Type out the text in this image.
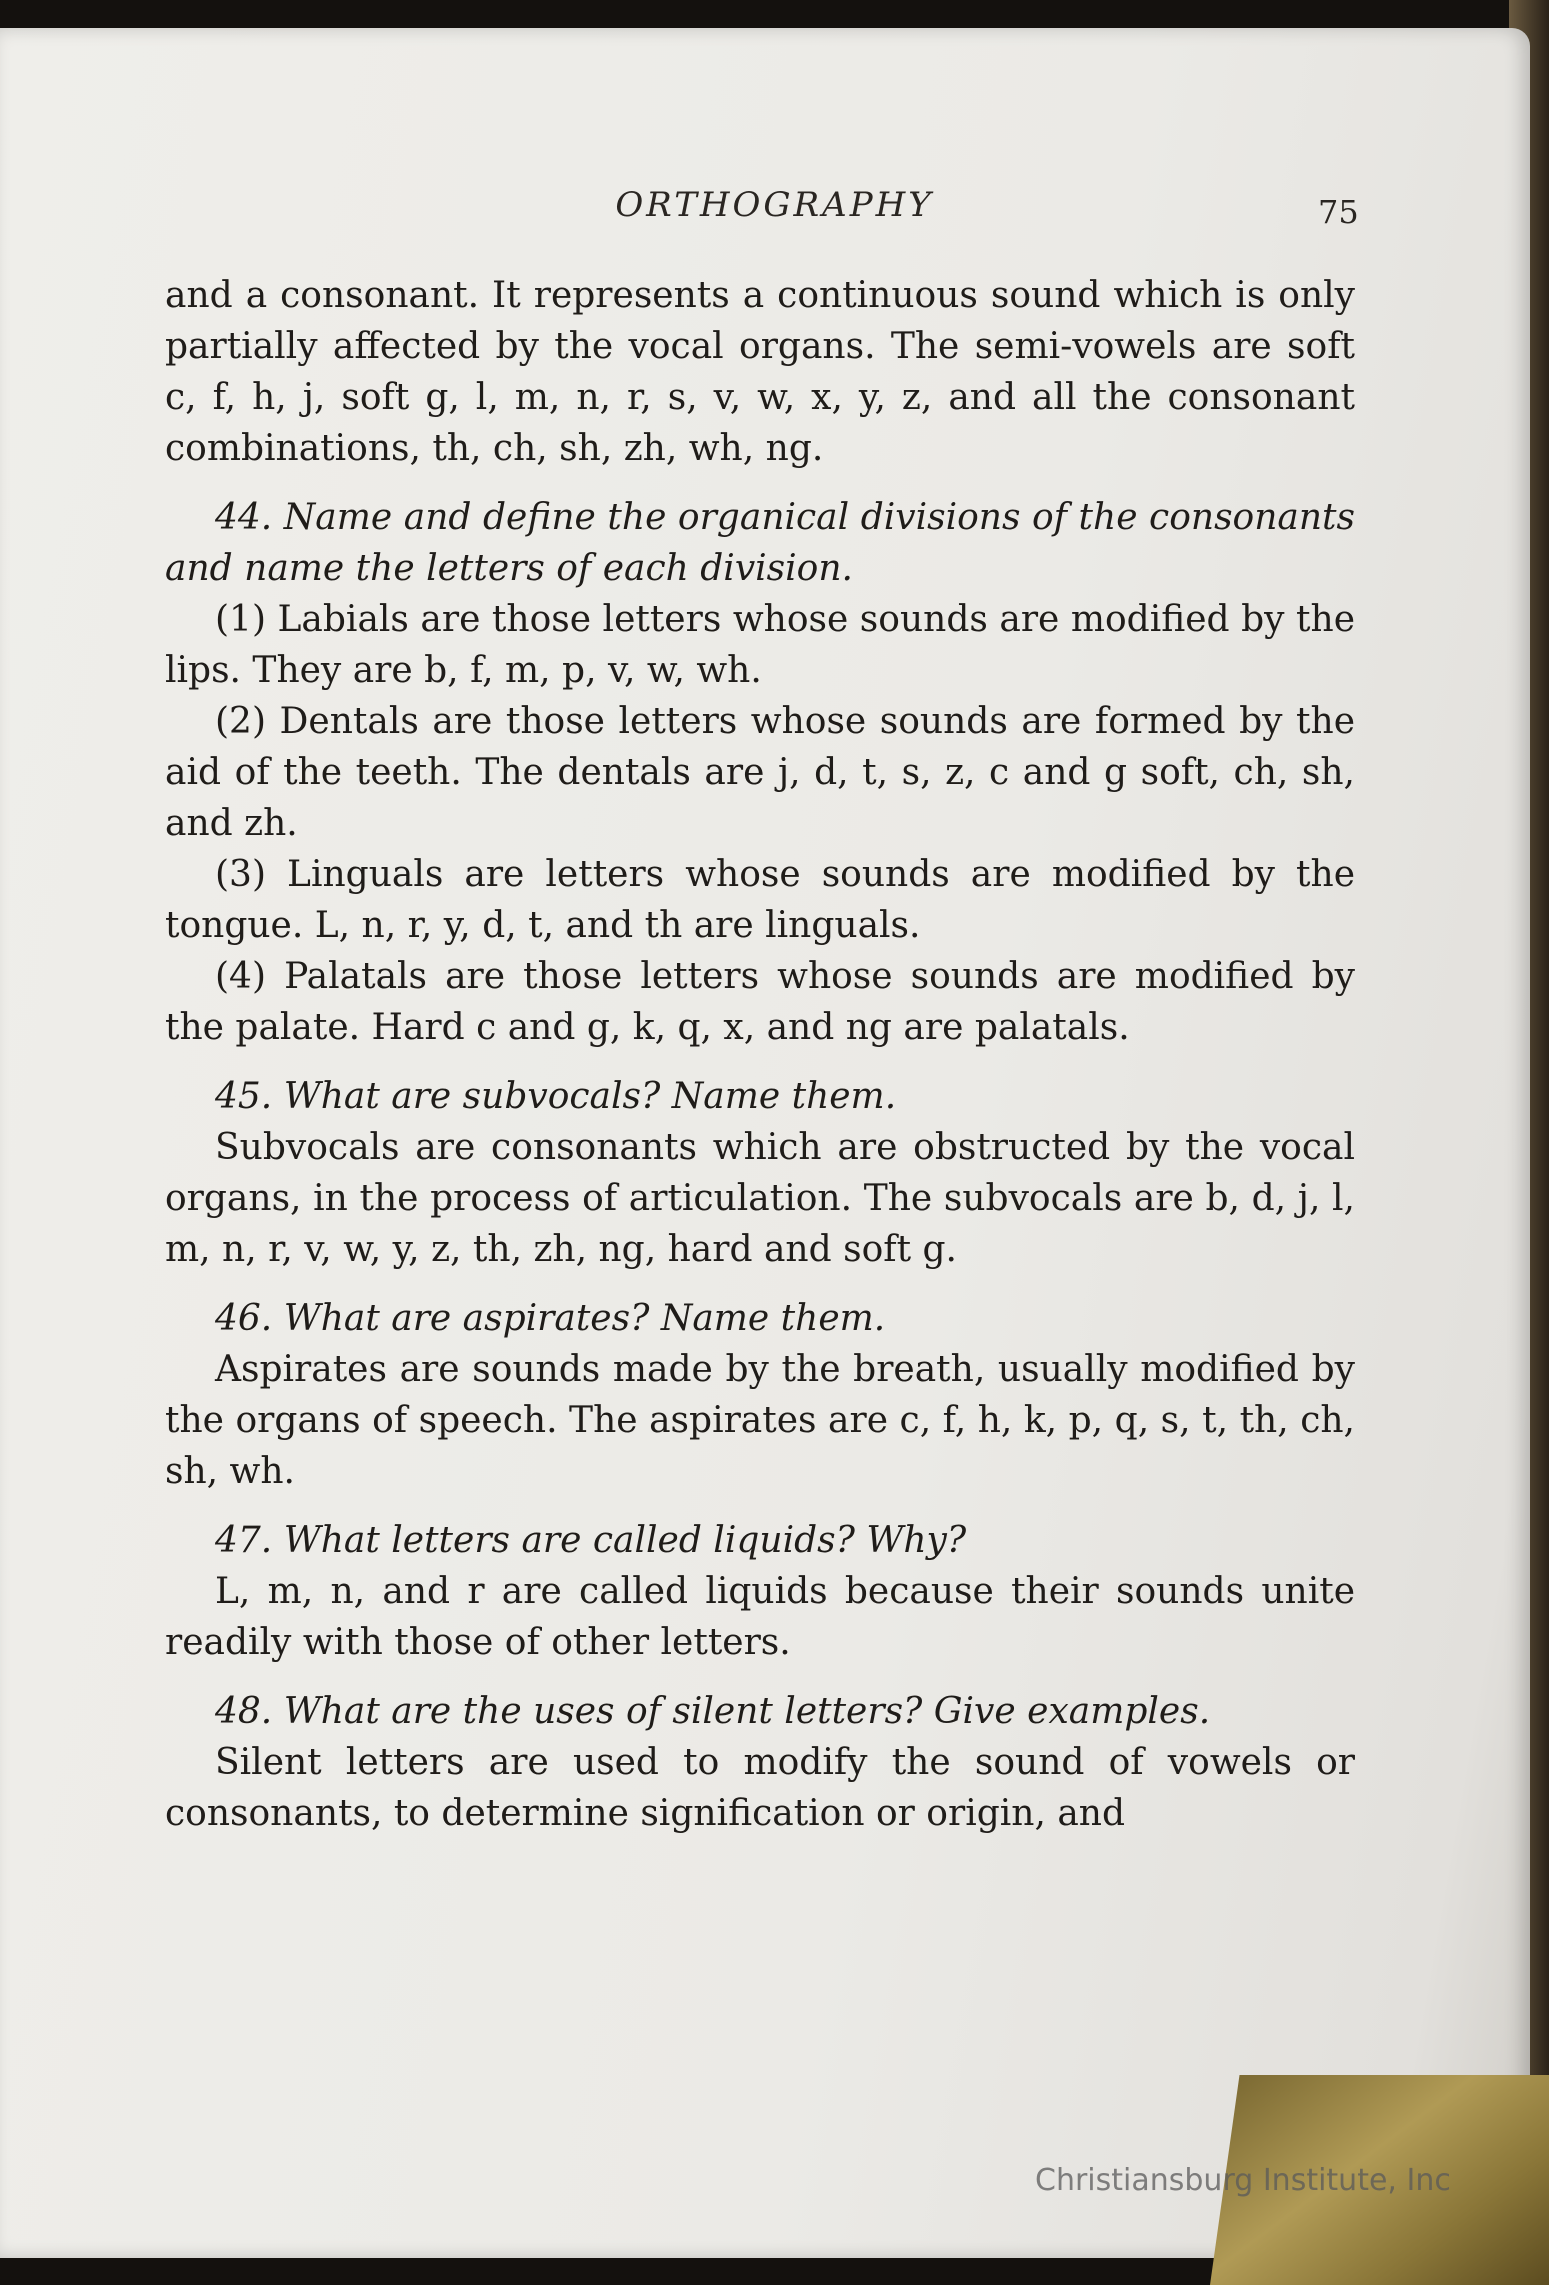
ORTHOGRAPHY	75

and a consonant. It represents a continuous sound which is only partially affected by the vocal organs. The semi-vowels are soft c, f, h, j, soft g, l, m, n, r, s, v, w, x, y, z, and all the consonant combinations, th, ch, sh, zh, wh, ng.

44. Name and define the organical divisions of the consonants and name the letters of each division.

(1) Labials are those letters whose sounds are modified by the lips. They are b, f, m, p, v, w, wh.

(2) Dentals are those letters whose sounds are formed by the aid of the teeth. The dentals are j, d, t, s, z, c and g soft, ch, sh, and zh.

(3) Linguals are letters whose sounds are modified by the tongue. L, n, r, y, d, t, and th are linguals.

(4) Palatals are those letters whose sounds are modified by the palate. Hard c and g, k, q, x, and ng are palatals.

45. What are subvocals? Name them.

Subvocals are consonants which are obstructed by the vocal organs, in the process of articulation. The subvocals are b, d, j, l, m, n, r, v, w, y, z, th, zh, ng, hard and soft g.

46. What are aspirates? Name them.

Aspirates are sounds made by the breath, usually modified by the organs of speech. The aspirates are c, f, h, k, p, q, s, t, th, ch, sh, wh.

47. What letters are called liquids? Why?

L, m, n, and r are called liquids because their sounds unite readily with those of other letters.

48. What are the uses of silent letters? Give examples.

Silent letters are used to modify the sound of vowels or consonants, to determine signification or origin, and

Christiansburg Institute, Inc
